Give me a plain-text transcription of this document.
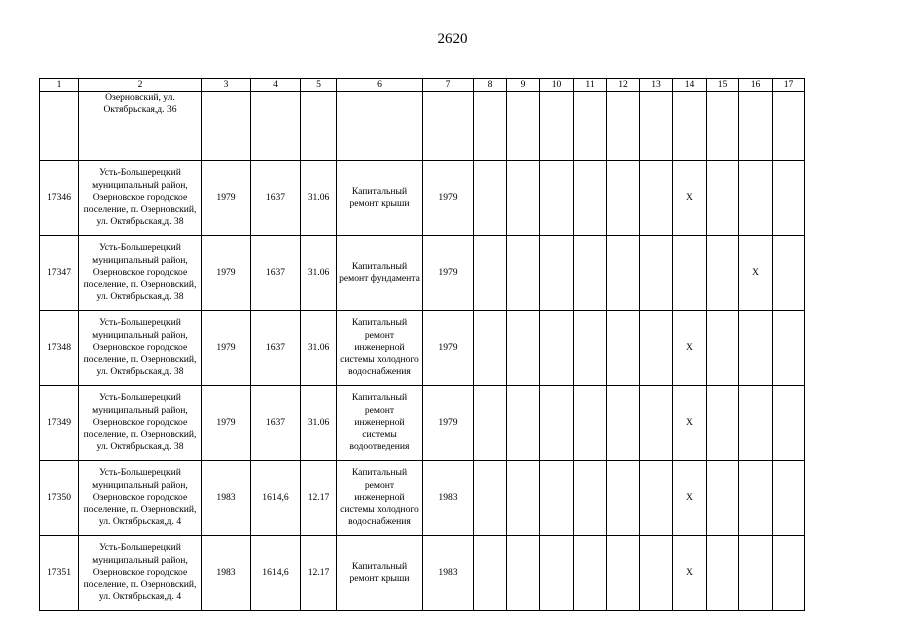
2620
1	2	3	4	5	6	7	8	9	10	11	12	13	14	15	16	17

	Озерновский, ул. Октябрьская,д. 36															

17346	Усть-Большерецкий муниципальный район, Озерновское городское поселение, п. Озерновский, ул. Октябрьская,д. 38	1979	1637	31.06	Капитальный ремонт крыши	1979							X			
17347	Усть-Большерецкий муниципальный район, Озерновское городское поселение, п. Озерновский, ул. Октябрьская,д. 38	1979	1637	31.06	Капитальный ремонт фундамента	1979									X	
17348	Усть-Большерецкий муниципальный район, Озерновское городское поселение, п. Озерновский, ул. Октябрьская,д. 38	1979	1637	31.06	Капитальный ремонт инженерной системы холодного водоснабжения	1979							X			
17349	Усть-Большерецкий муниципальный район, Озерновское городское поселение, п. Озерновский, ул. Октябрьская,д. 38	1979	1637	31.06	Капитальный ремонт инженерной системы водоотведения	1979							X			
17350	Усть-Большерецкий муниципальный район, Озерновское городское поселение, п. Озерновский, ул. Октябрьская,д. 4	1983	1614,6	12.17	Капитальный ремонт инженерной системы холодного водоснабжения	1983							X			
17351	Усть-Большерецкий муниципальный район, Озерновское городское поселение, п. Озерновский, ул. Октябрьская,д. 4	1983	1614,6	12.17	Капитальный ремонт крыши	1983							X			
